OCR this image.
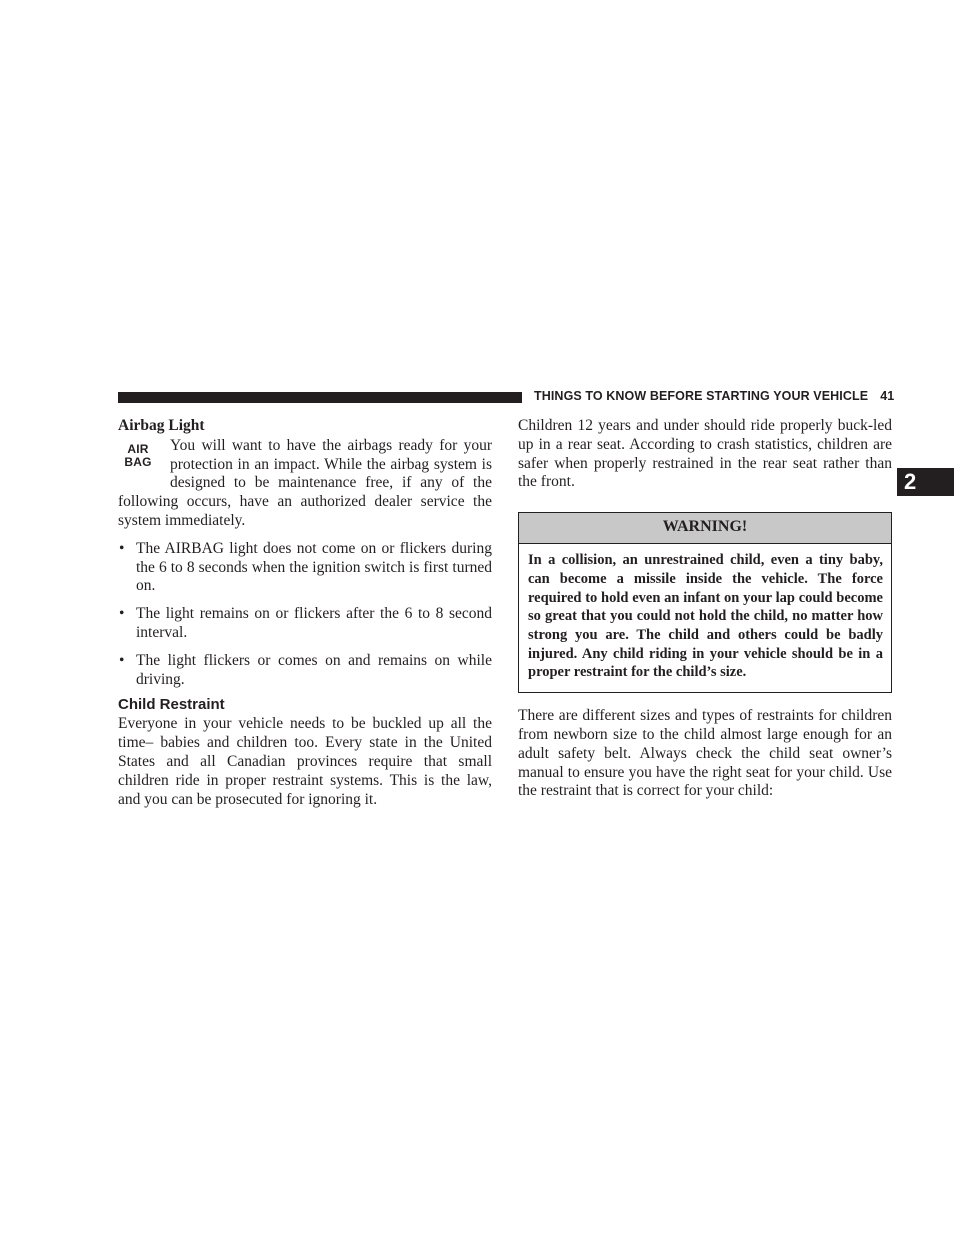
THINGS TO KNOW BEFORE STARTING YOUR VEHICLE 41
2
Airbag Light
AIR
BAG

You will want to have the airbags ready for your protection in an impact. While the airbag system is designed to be maintenance free, if any of the following occurs, have an authorized dealer service the system immediately.

• The AIRBAG light does not come on or flickers during the 6 to 8 seconds when the ignition switch is first turned on.
• The light remains on or flickers after the 6 to 8 second interval.
• The light flickers or comes on and remains on while driving.
Child Restraint

Everyone in your vehicle needs to be buckled up all the time– babies and children too. Every state in the United States and all Canadian provinces require that small children ride in proper restraint systems. This is the law, and you can be prosecuted for ignoring it.

Children 12 years and under should ride properly buck-led up in a rear seat. According to crash statistics, children are safer when properly restrained in the rear seat rather than the front.

WARNING!
In a collision, an unrestrained child, even a tiny baby, can become a missile inside the vehicle. The force required to hold even an infant on your lap could become so great that you could not hold the child, no matter how strong you are. The child and others could be badly injured. Any child riding in your vehicle should be in a proper restraint for the child’s size.

There are different sizes and types of restraints for children from newborn size to the child almost large enough for an adult safety belt. Always check the child seat owner’s manual to ensure you have the right seat for your child. Use the restraint that is correct for your child:
